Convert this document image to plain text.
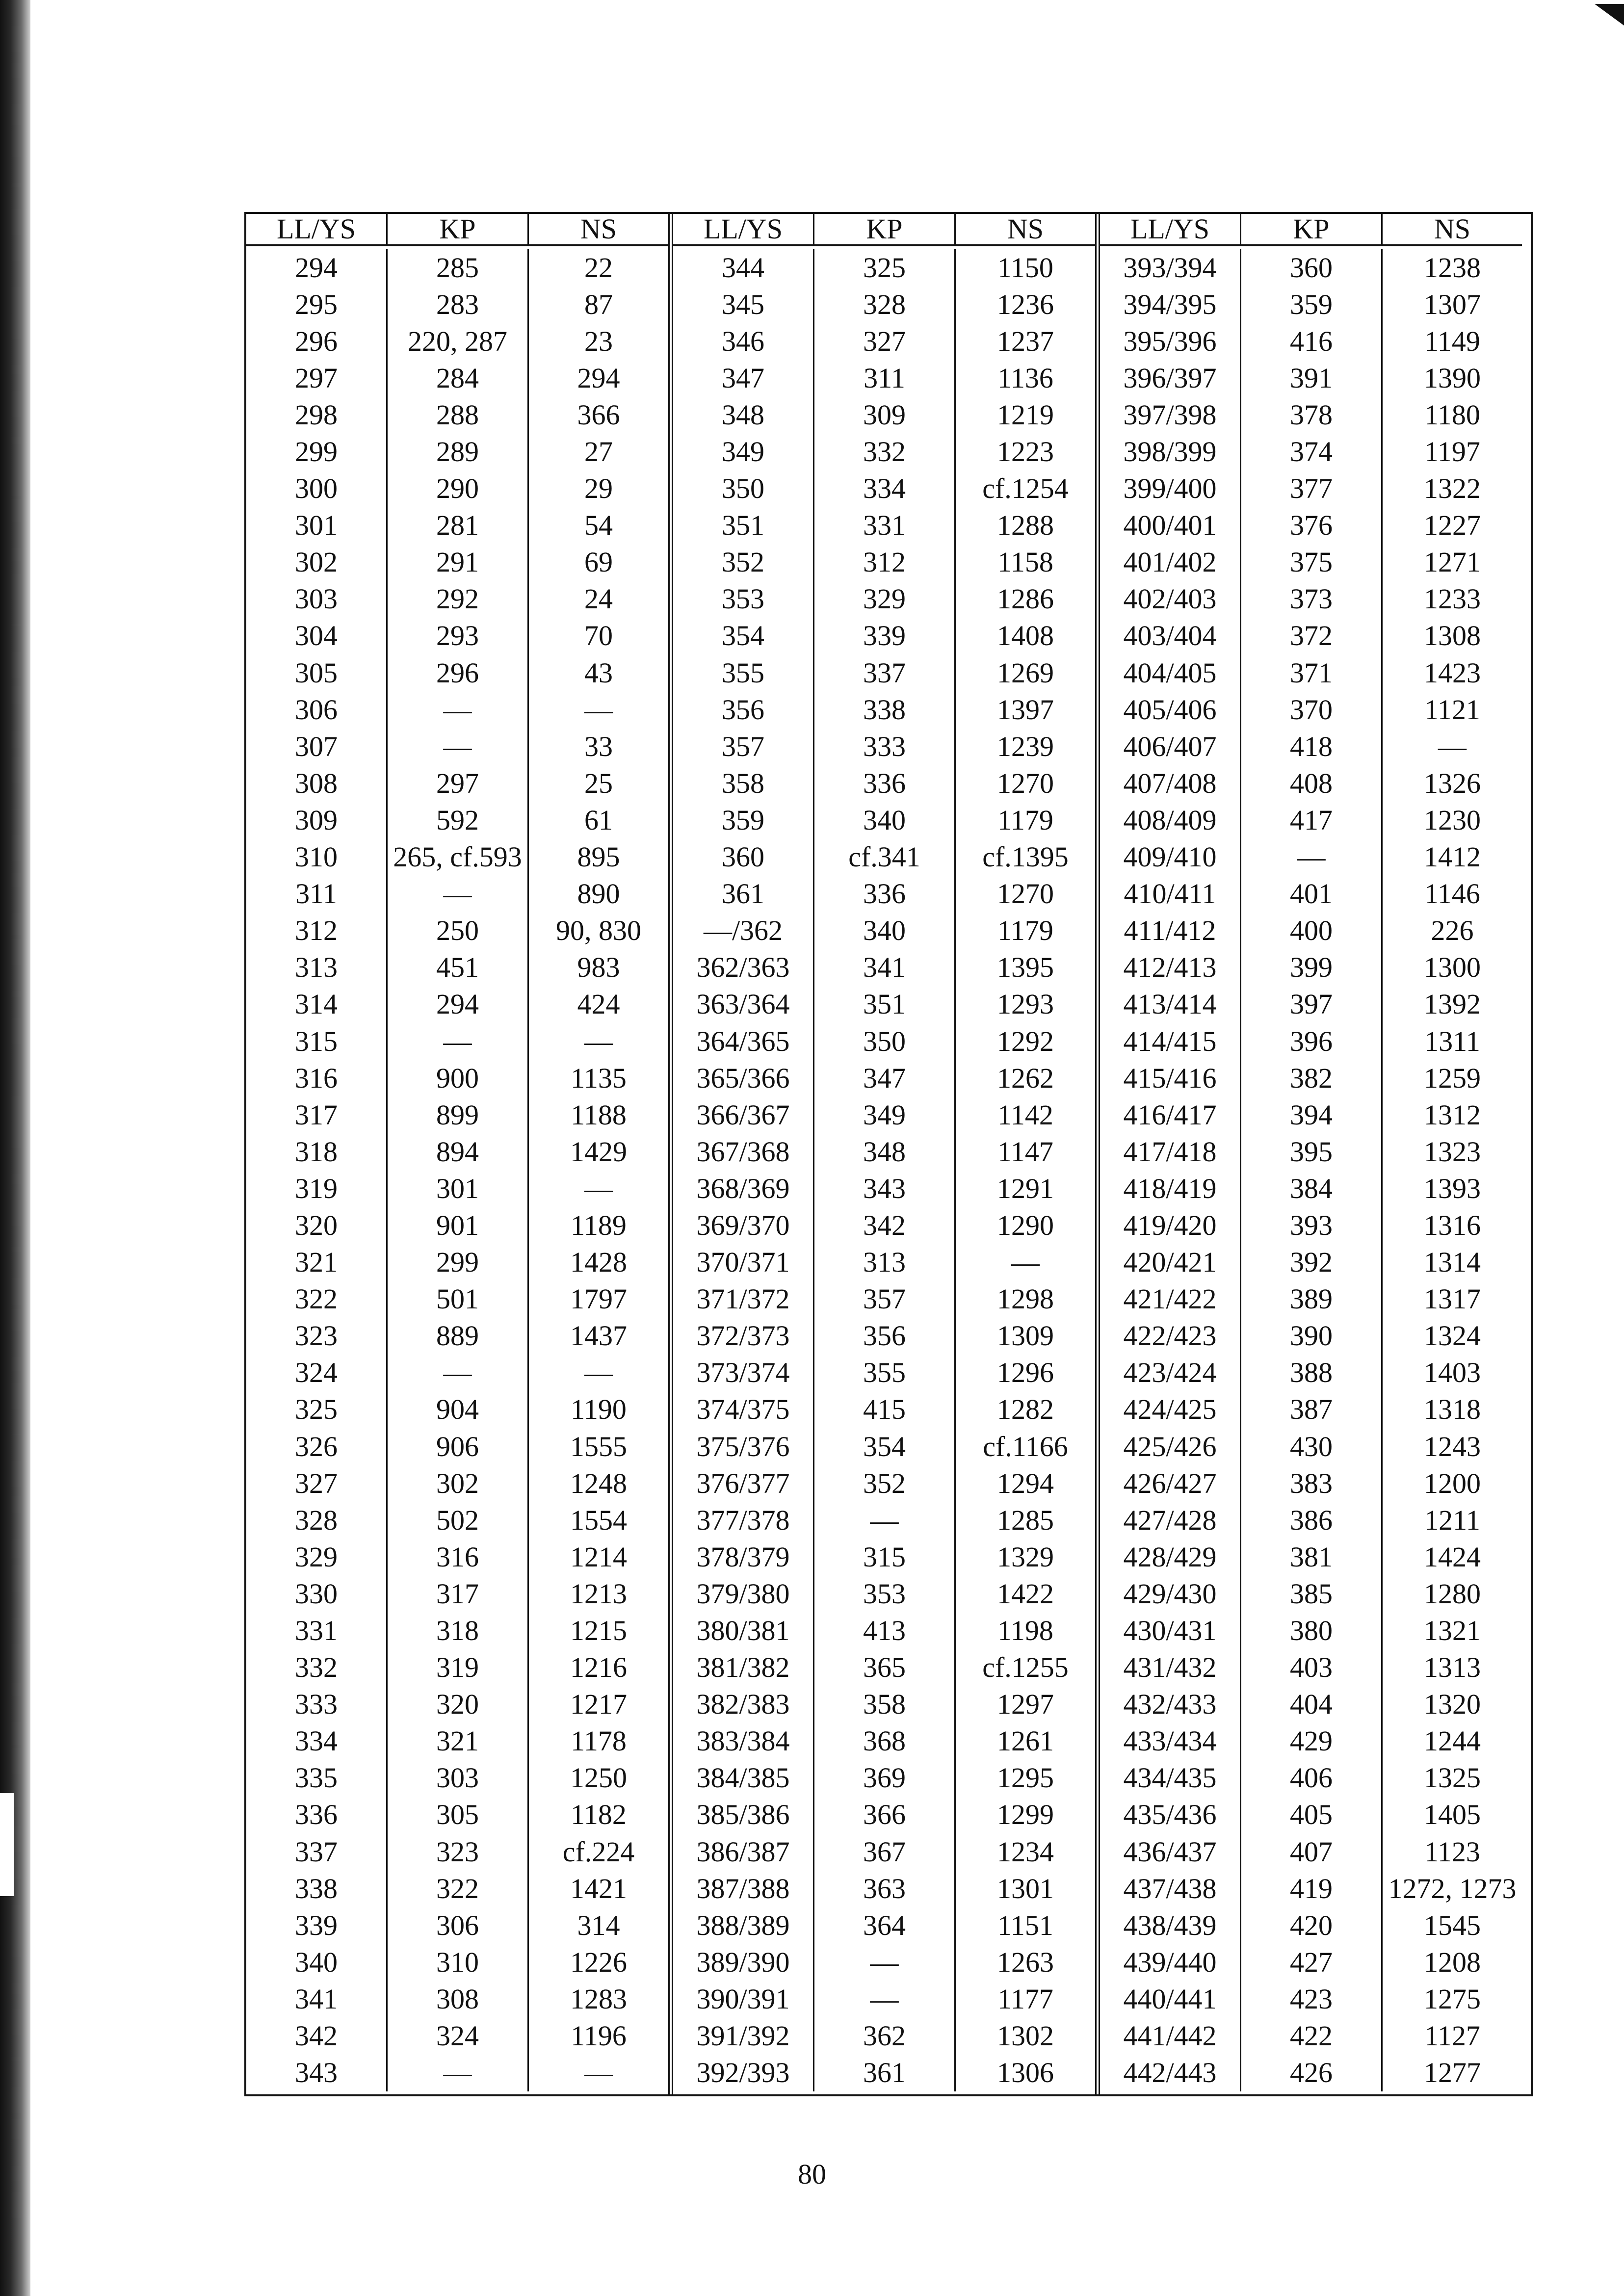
LL/YS	KP	NS
294	285	22
295	283	87
296	220, 287	23
297	284	294
298	288	366
299	289	27
300	290	29
301	281	54
302	291	69
303	292	24
304	293	70
305	296	43
306	—	—
307	—	33
308	297	25
309	592	61
310	265, cf.593	895
311	—	890
312	250	90, 830
313	451	983
314	294	424
315	—	—
316	900	1135
317	899	1188
318	894	1429
319	301	—
320	901	1189
321	299	1428
322	501	1797
323	889	1437
324	—	—
325	904	1190
326	906	1555
327	302	1248
328	502	1554
329	316	1214
330	317	1213
331	318	1215
332	319	1216
333	320	1217
334	321	1178
335	303	1250
336	305	1182
337	323	cf.224
338	322	1421
339	306	314
340	310	1226
341	308	1283
342	324	1196
343	—	—
LL/YS	KP	NS
344	325	1150
345	328	1236
346	327	1237
347	311	1136
348	309	1219
349	332	1223
350	334	cf.1254
351	331	1288
352	312	1158
353	329	1286
354	339	1408
355	337	1269
356	338	1397
357	333	1239
358	336	1270
359	340	1179
360	cf.341	cf.1395
361	336	1270
—/362	340	1179
362/363	341	1395
363/364	351	1293
364/365	350	1292
365/366	347	1262
366/367	349	1142
367/368	348	1147
368/369	343	1291
369/370	342	1290
370/371	313	—
371/372	357	1298
372/373	356	1309
373/374	355	1296
374/375	415	1282
375/376	354	cf.1166
376/377	352	1294
377/378	—	1285
378/379	315	1329
379/380	353	1422
380/381	413	1198
381/382	365	cf.1255
382/383	358	1297
383/384	368	1261
384/385	369	1295
385/386	366	1299
386/387	367	1234
387/388	363	1301
388/389	364	1151
389/390	—	1263
390/391	—	1177
391/392	362	1302
392/393	361	1306
LL/YS	KP	NS
393/394	360	1238
394/395	359	1307
395/396	416	1149
396/397	391	1390
397/398	378	1180
398/399	374	1197
399/400	377	1322
400/401	376	1227
401/402	375	1271
402/403	373	1233
403/404	372	1308
404/405	371	1423
405/406	370	1121
406/407	418	—
407/408	408	1326
408/409	417	1230
409/410	—	1412
410/411	401	1146
411/412	400	226
412/413	399	1300
413/414	397	1392
414/415	396	1311
415/416	382	1259
416/417	394	1312
417/418	395	1323
418/419	384	1393
419/420	393	1316
420/421	392	1314
421/422	389	1317
422/423	390	1324
423/424	388	1403
424/425	387	1318
425/426	430	1243
426/427	383	1200
427/428	386	1211
428/429	381	1424
429/430	385	1280
430/431	380	1321
431/432	403	1313
432/433	404	1320
433/434	429	1244
434/435	406	1325
435/436	405	1405
436/437	407	1123
437/438	419	1272, 1273
438/439	420	1545
439/440	427	1208
440/441	423	1275
441/442	422	1127
442/443	426	1277
80
